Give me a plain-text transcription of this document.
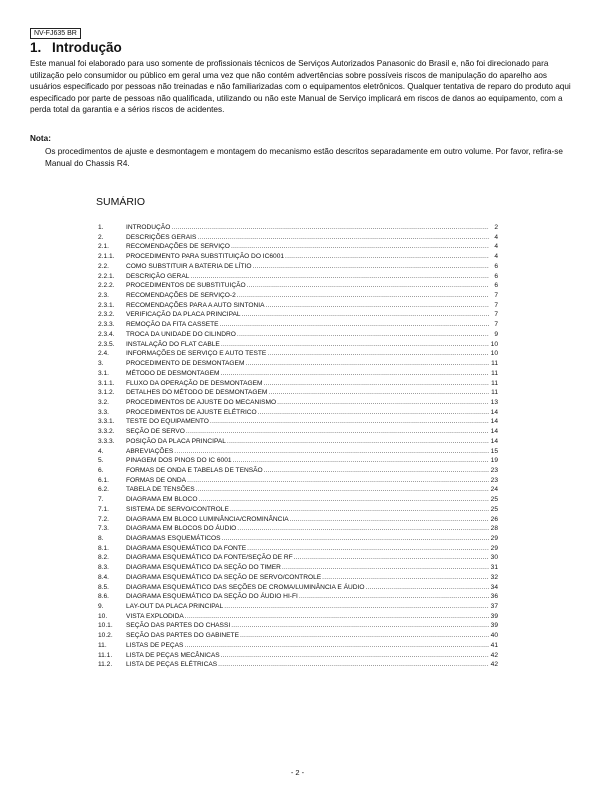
NV-FJ635 BR
1. Introdução
Este manual foi elaborado para uso somente de profissionais técnicos de Serviços Autorizados Panasonic do Brasil e, não foi direcionado para utilização pelo consumidor ou público em geral uma vez que não contém advertências sobre possíveis riscos de manipulação do aparelho aos usuários especificado por pessoas não treinadas e não familiarizadas com o equipamentos eletrônicos. Qualquer tentativa de reparo do produto aqui especificado por parte de pessoas não qualificada, utilizando ou não este Manual de Serviço implicará em riscos de danos ao equipamento, com a perda total da garantia e a sérios riscos de acidentes.
Nota:
Os procedimentos de ajuste e desmontagem e montagem do mecanismo estão descritos separadamente em outro volume. Por favor, refira-se Manual do Chassis R4.
SUMÁRIO
1.	INTRODUÇÃO .....	2
2.	DESCRIÇÕES GERAIS .....	4
2.1.	RECOMENDAÇÕES DE SERVIÇO .....	4
2.1.1.	PROCEDIMENTO PARA SUBSTITUIÇÃO DO IC6001 .....	4
2.2.	COMO SUBSTITUIR A BATERIA DE LÍTIO .....	6
2.2.1.	DESCRIÇÃO GERAL .....	6
2.2.2.	PROCEDIMENTOS DE SUBSTITUIÇÃO .....	6
2.3.	RECOMENDAÇÕES DE SERVIÇO-2 .....	7
2.3.1.	RECOMENDAÇÕES PARA A AUTO SINTONIA .....	7
2.3.2.	VERIFICAÇÃO DA PLACA PRINCIPAL .....	7
2.3.3.	REMOÇÃO DA FITA CASSETE .....	7
2.3.4.	TROCA DA UNIDADE DO CILINDRO .....	9
2.3.5.	INSTALAÇÃO DO FLAT CABLE .....	10
2.4.	INFORMAÇÕES DE SERVIÇO E AUTO TESTE .....	10
3.	PROCEDIMENTO DE DESMONTAGEM .....	11
3.1.	MÉTODO DE DESMONTAGEM .....	11
3.1.1.	FLUXO DA OPERAÇÃO DE DESMONTAGEM .....	11
3.1.2.	DETALHES DO MÉTODO DE DESMONTAGEM .....	11
3.2.	PROCEDIMENTOS DE AJUSTE DO MECANISMO .....	13
3.3.	PROCEDIMENTOS DE AJUSTE ELÉTRICO .....	14
3.3.1.	TESTE DO EQUIPAMENTO .....	14
3.3.2.	SEÇÃO DE SERVO .....	14
3.3.3.	POSIÇÃO DA PLACA PRINCIPAL .....	14
4.	ABREVIAÇÕES .....	15
5.	PINAGEM DOS PINOS DO IC 6001 .....	19
6.	FORMAS DE ONDA E TABELAS DE TENSÃO .....	23
6.1.	FORMAS DE ONDA .....	23
6.2.	TABELA DE TENSÕES .....	24
7.	DIAGRAMA EM BLOCO .....	25
7.1.	SISTEMA DE SERVO/CONTROLE .....	25
7.2.	DIAGRAMA EM BLOCO LUMINÂNCIA/CROMINÂNCIA .....	26
7.3.	DIAGRAMA EM BLOCOS DO ÁUDIO .....	28
8.	DIAGRAMAS ESQUEMÁTICOS .....	29
8.1.	DIAGRAMA ESQUEMÁTICO DA FONTE .....	29
8.2.	DIAGRAMA ESQUEMÁTICO DA FONTE/SEÇÃO DE RF .....	30
8.3.	DIAGRAMA ESQUEMÁTICO DA SEÇÃO DO TIMER .....	31
8.4.	DIAGRAMA ESQUEMÁTICO DA SEÇÃO DE SERVO/CONTROLE .....	32
8.5.	DIAGRAMA ESQUEMÁTICO DAS SEÇÕES DE CROMA/LUMINÂNCIA E ÁUDIO .....	34
8.6.	DIAGRAMA ESQUEMÁTICO DA SEÇÃO DO ÁUDIO HI-FI .....	36
9.	LAY-OUT DA PLACA PRINCIPAL .....	37
10.	VISTA EXPLODIDA .....	39
10.1.	SEÇÃO DAS PARTES DO CHASSI .....	39
10.2.	SEÇÃO DAS PARTES DO GABINETE .....	40
11.	LISTAS DE PEÇAS .....	41
11.1.	LISTA DE PEÇAS MECÂNICAS .....	42
11.2.	LISTA DE PEÇAS ELÉTRICAS .....	42
- 2 -
